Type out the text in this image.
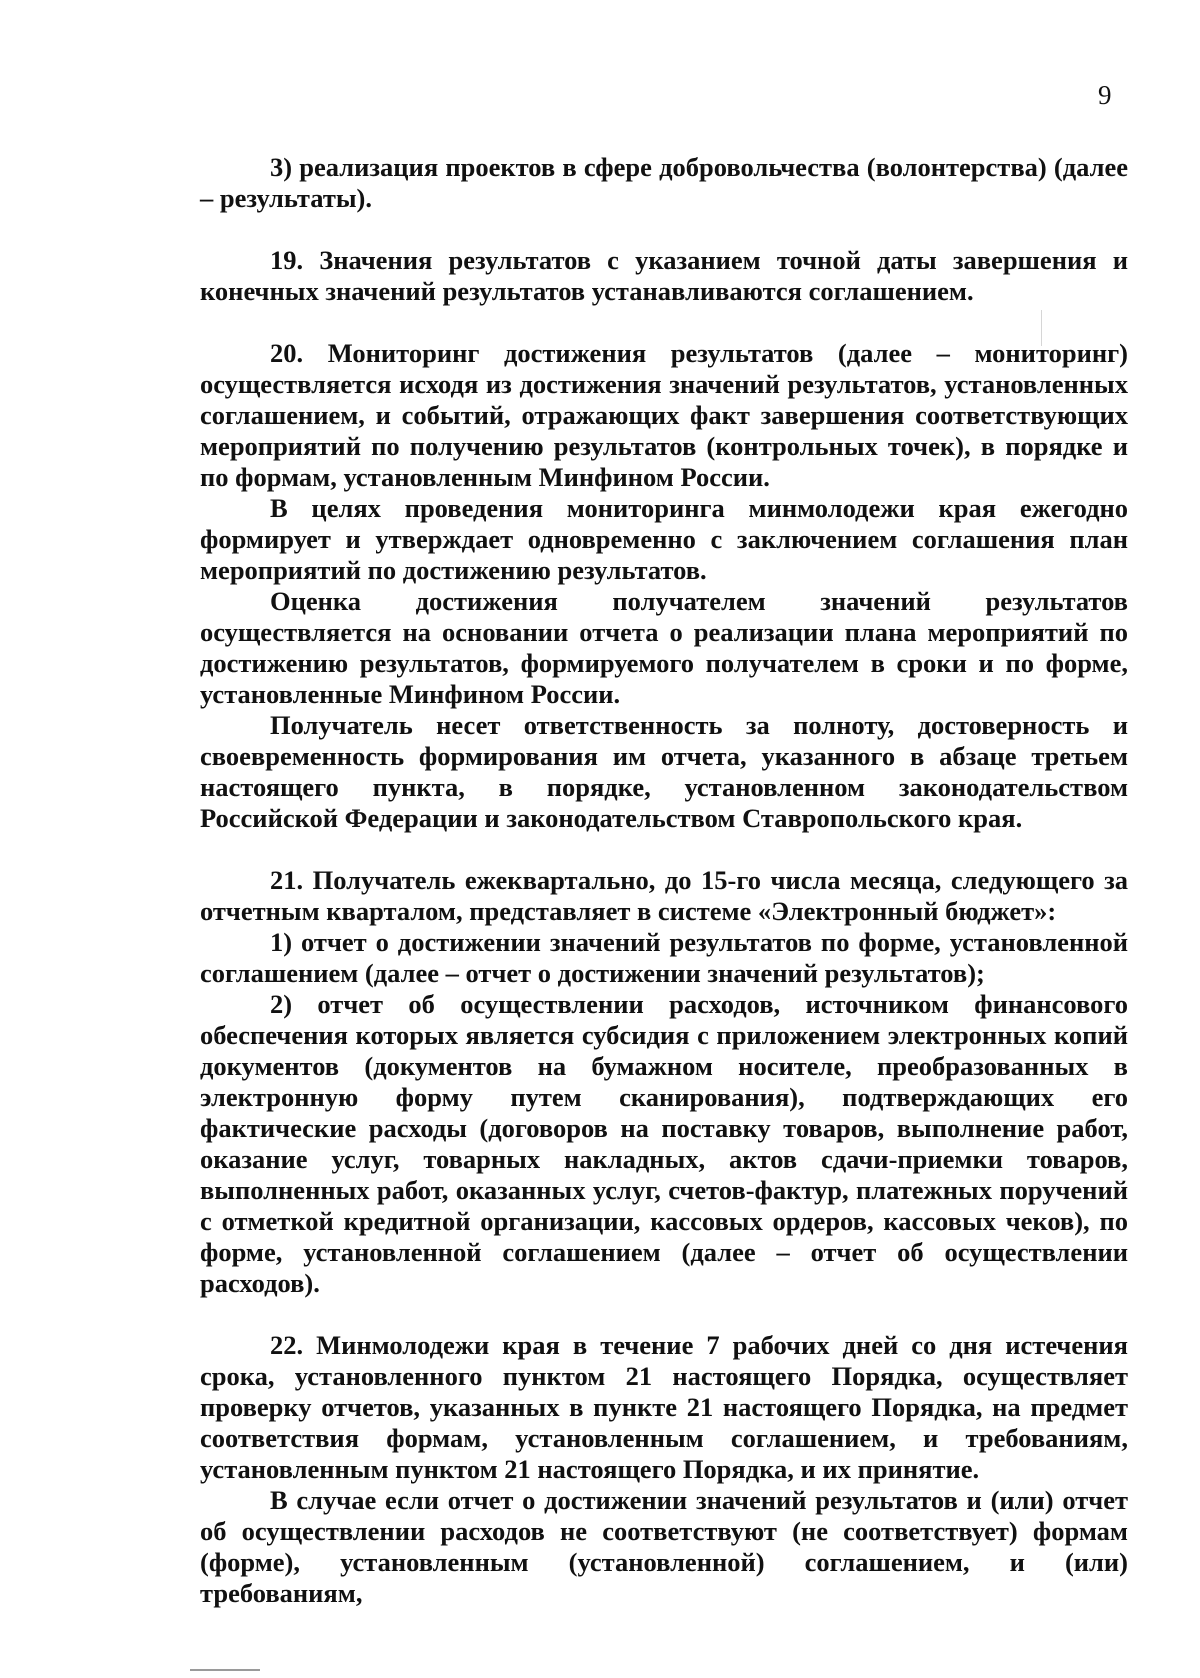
9

3) реализация проектов в сфере добровольчества (волонтерства) (далее – результаты).

19. Значения результатов с указанием точной даты завершения и конечных значений результатов устанавливаются соглашением.

20. Мониторинг достижения результатов (далее – мониторинг) осуществляется исходя из достижения значений результатов, установленных соглашением, и событий, отражающих факт завершения соответствующих мероприятий по получению результатов (контрольных точек), в порядке и по формам, установленным Минфином России.

В целях проведения мониторинга минмолодежи края ежегодно формирует и утверждает одновременно с заключением соглашения план мероприятий по достижению результатов.

Оценка достижения получателем значений результатов осуществляется на основании отчета о реализации плана мероприятий по достижению результатов, формируемого получателем в сроки и по форме, установленные Минфином России.

Получатель несет ответственность за полноту, достоверность и своевременность формирования им отчета, указанного в абзаце третьем настоящего пункта, в порядке, установленном законодательством Российской Федерации и законодательством Ставропольского края.

21. Получатель ежеквартально, до 15-го числа месяца, следующего за отчетным кварталом, представляет в системе «Электронный бюджет»:

1) отчет о достижении значений результатов по форме, установленной соглашением (далее – отчет о достижении значений результатов);

2) отчет об осуществлении расходов, источником финансового обеспечения которых является субсидия с приложением электронных копий документов (документов на бумажном носителе, преобразованных в электронную форму путем сканирования), подтверждающих его фактические расходы (договоров на поставку товаров, выполнение работ, оказание услуг, товарных накладных, актов сдачи-приемки товаров, выполненных работ, оказанных услуг, счетов-фактур, платежных поручений с отметкой кредитной организации, кассовых ордеров, кассовых чеков), по форме, установленной соглашением (далее – отчет об осуществлении расходов).

22. Минмолодежи края в течение 7 рабочих дней со дня истечения срока, установленного пунктом 21 настоящего Порядка, осуществляет проверку отчетов, указанных в пункте 21 настоящего Порядка, на предмет соответствия формам, установленным соглашением, и требованиям, установленным пунктом 21 настоящего Порядка, и их принятие.

В случае если отчет о достижении значений результатов и (или) отчет об осуществлении расходов не соответствуют (не соответствует) формам (форме), установленным (установленной) соглашением, и (или) требованиям,
